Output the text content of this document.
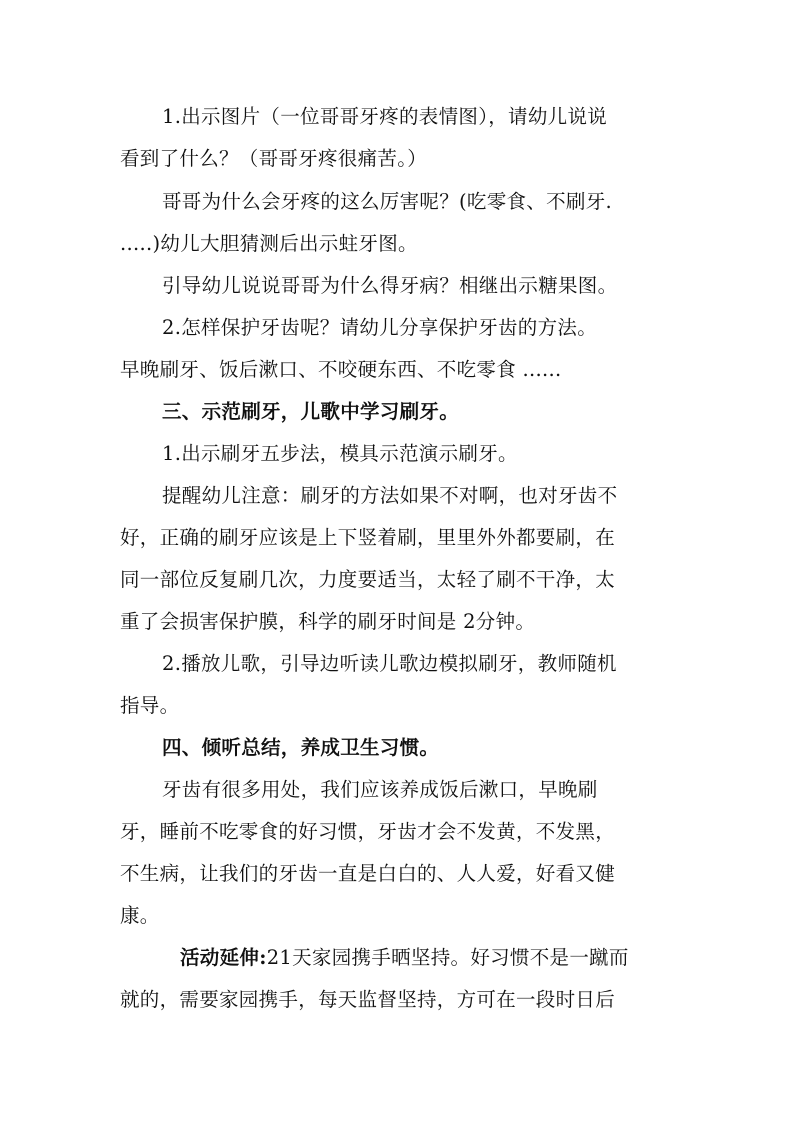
1.出示图片（一位哥哥牙疼的表情图），请幼儿说说
看到了什么？（哥哥牙疼很痛苦。）
哥哥为什么会牙疼的这么厉害呢？(吃零食、不刷牙.
.....)幼儿大胆猜测后出示蛀牙图。
引导幼儿说说哥哥为什么得牙病？相继出示糖果图。
2.怎样保护牙齿呢？请幼儿分享保护牙齿的方法。
早晚刷牙、饭后漱口、不咬硬东西、不吃零食 ......
三、示范刷牙，儿歌中学习刷牙。
1.出示刷牙五步法，模具示范演示刷牙。
提醒幼儿注意：刷牙的方法如果不对啊，也对牙齿不
好，正确的刷牙应该是上下竖着刷，里里外外都要刷，在
同一部位反复刷几次，力度要适当，太轻了刷不干净，太
重了会损害保护膜，科学的刷牙时间是 2分钟。
2.播放儿歌，引导边听读儿歌边模拟刷牙，教师随机
指导。
四、倾听总结，养成卫生习惯。
牙齿有很多用处，我们应该养成饭后漱口，早晚刷
牙，睡前不吃零食的好习惯，牙齿才会不发黄，不发黑，
不生病，让我们的牙齿一直是白白的、人人爱，好看又健
康。
活动延伸:21天家园携手晒坚持。好习惯不是一蹴而
就的，需要家园携手，每天监督坚持，方可在一段时日后
